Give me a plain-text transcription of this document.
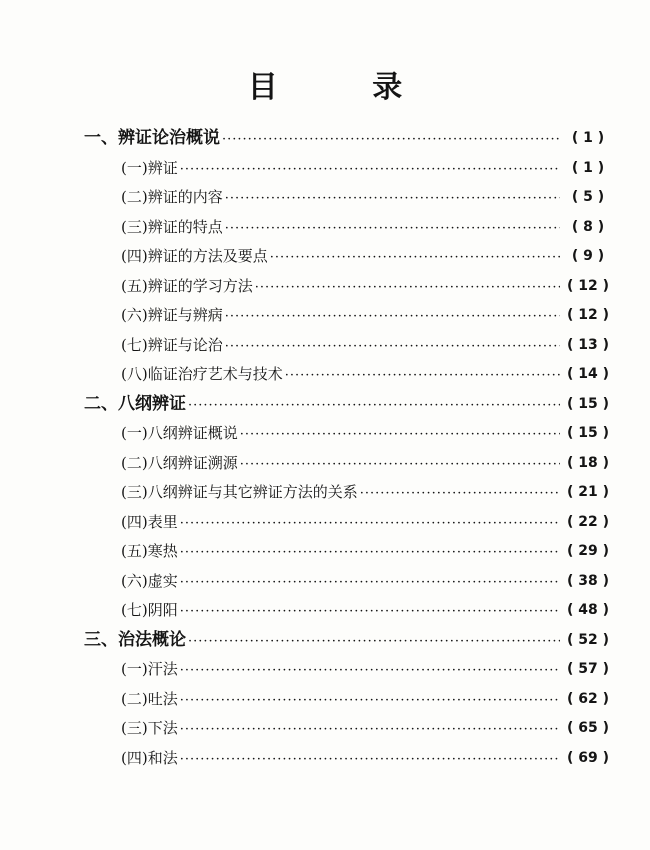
目 录
一、辨证论治概说 ·····	( 1 )
(一)辨证 ·····	( 1 )
(二)辨证的内容 ·····	( 5 )
(三)辨证的特点 ·····	( 8 )
(四)辨证的方法及要点 ·····	( 9 )
(五)辨证的学习方法 ·····	( 12 )
(六)辨证与辨病 ·····	( 12 )
(七)辨证与论治 ·····	( 13 )
(八)临证治疗艺术与技术 ·····	( 14 )
二、八纲辨证 ·····	( 15 )
(一)八纲辨证概说 ·····	( 15 )
(二)八纲辨证溯源 ·····	( 18 )
(三)八纲辨证与其它辨证方法的关系 ·····	( 21 )
(四)表里 ·····	( 22 )
(五)寒热 ·····	( 29 )
(六)虚实 ·····	( 38 )
(七)阴阳 ·····	( 48 )
三、治法概论 ·····	( 52 )
(一)汗法 ·····	( 57 )
(二)吐法 ·····	( 62 )
(三)下法 ·····	( 65 )
(四)和法 ·····	( 69 )
